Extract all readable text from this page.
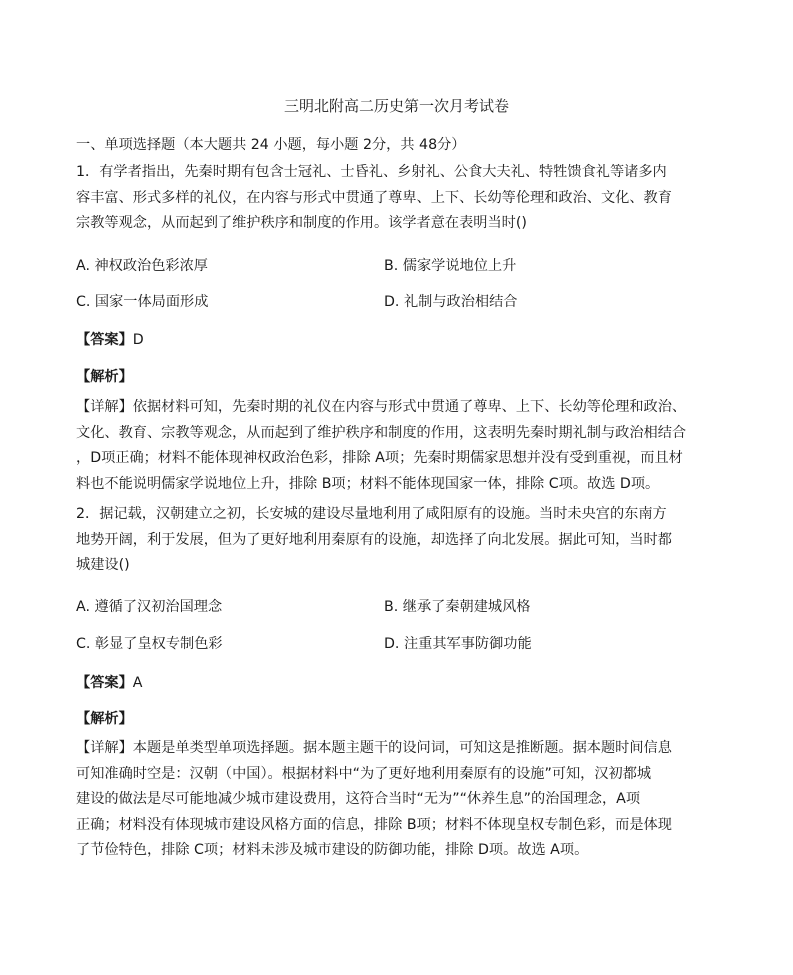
三明北附高二历史第一次月考试卷
一、单项选择题（本大题共 24 小题，每小题 2分，共 48分）
1．有学者指出，先秦时期有包含士冠礼、士昏礼、乡射礼、公食大夫礼、特牲馈食礼等诸多内
容丰富、形式多样的礼仪，在内容与形式中贯通了尊卑、上下、长幼等伦理和政治、文化、教育
宗教等观念，从而起到了维护秩序和制度的作用。该学者意在表明当时()
A. 神权政治色彩浓厚	B. 儒家学说地位上升
C. 国家一体局面形成	D. 礼制与政治相结合
【答案】D
【解析】
【详解】依据材料可知，先秦时期的礼仪在内容与形式中贯通了尊卑、上下、长幼等伦理和政治、
文化、教育、宗教等观念，从而起到了维护秩序和制度的作用，这表明先秦时期礼制与政治相结合
，D项正确；材料不能体现神权政治色彩，排除 A项；先秦时期儒家思想并没有受到重视，而且材
料也不能说明儒家学说地位上升，排除 B项；材料不能体现国家一体，排除 C项。故选 D项。
2．据记载，汉朝建立之初，长安城的建设尽量地利用了咸阳原有的设施。当时未央宫的东南方
地势开阔，利于发展，但为了更好地利用秦原有的设施，却选择了向北发展。据此可知，当时都
城建设()
A. 遵循了汉初治国理念	B. 继承了秦朝建城风格
C. 彰显了皇权专制色彩	D. 注重其军事防御功能
【答案】A
【解析】
【详解】本题是单类型单项选择题。据本题主题干的设问词，可知这是推断题。据本题时间信息
可知准确时空是：汉朝（中国）。根据材料中“为了更好地利用秦原有的设施”可知，汉初都城
建设的做法是尽可能地减少城市建设费用，这符合当时“无为”“休养生息”的治国理念，A项
正确；材料没有体现城市建设风格方面的信息，排除 B项；材料不体现皇权专制色彩，而是体现
了节俭特色，排除 C项；材料未涉及城市建设的防御功能，排除 D项。故选 A项。
